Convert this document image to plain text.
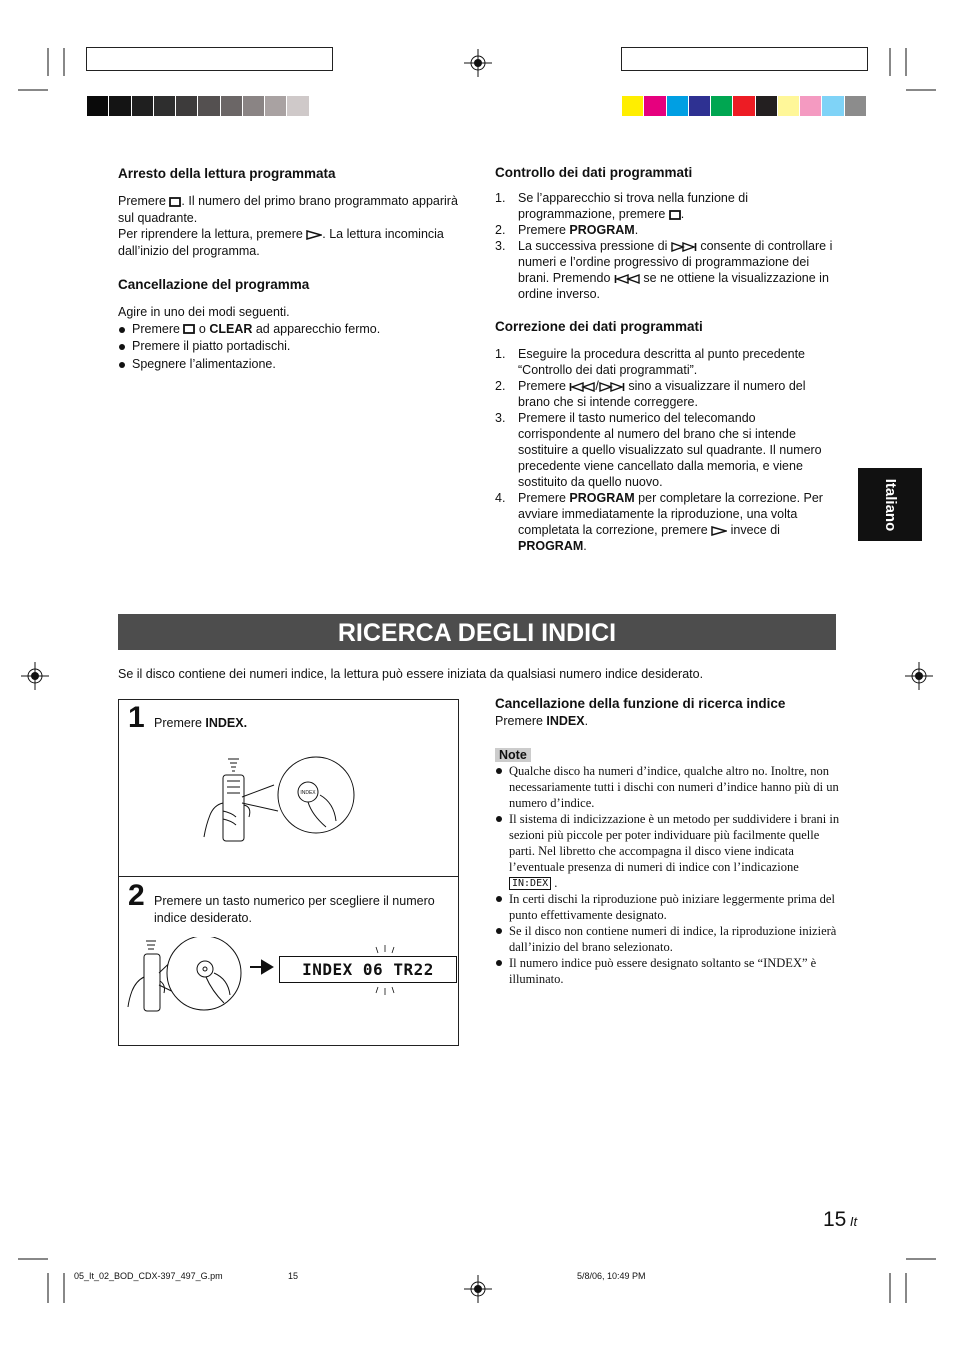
Arresto della lettura programmata
Premere . Il numero del primo brano programmato apparirà sul quadrante.
Per riprendere la lettura, premere . La lettura incomincia dall’inizio del programma.
Cancellazione del programma
Agire in uno dei modi seguenti.
Premere  o CLEAR ad apparecchio fermo.
Premere il piatto portadischi.
Spegnere l’alimentazione.
Controllo dei dati programmati
1. Se l’apparecchio si trova nella funzione di programmazione, premere .
2. Premere PROGRAM.
3. La successiva pressione di  consente di controllare i numeri e l’ordine progressivo di programmazione dei brani. Premendo  se ne ottiene la visualizzazione in ordine inverso.
Correzione dei dati programmati
1. Eseguire la procedura descritta al punto precedente “Controllo dei dati programmati”.
2. Premere / sino a visualizzare il numero del brano che si intende correggere.
3. Premere il tasto numerico del telecomando corrispondente al numero del brano che si intende sostituire a quello visualizzato sul quadrante. Il numero precedente viene cancellato dalla memoria, e viene sostituito da quello nuovo.
4. Premere PROGRAM per completare la correzione. Per avviare immediatamente la riproduzione, una volta completata la correzione, premere  invece di
PROGRAM.
Italiano
RICERCA DEGLI INDICI
Se il disco contiene dei numeri indice, la lettura può essere iniziata da qualsiasi numero indice desiderato.
1 Premere INDEX.
INDEX
2 Premere un tasto numerico per scegliere il numero indice desiderato.
INDEX 06 TR22
Cancellazione della funzione di ricerca indice
Premere INDEX.
Note
Qualche disco ha numeri d’indice, qualche altro no. Inoltre, non necessariamente tutti i dischi con numeri d’indice hanno più di un numero d’indice.
Il sistema di indicizzazione è un metodo per suddividere i brani in sezioni più piccole per poter individuare più facilmente quelle parti. Nel libretto che accompagna il disco viene indicata l’eventuale presenza di numeri di indice con l’indicazione IN:DEX .
In certi dischi la riproduzione può iniziare leggermente prima del punto effettivamente designato.
Se il disco non contiene numeri di indice, la riproduzione inizierà dall’inizio del brano selezionato.
Il numero indice può essere designato soltanto se “INDEX” è illuminato.
15 It
05_It_02_BOD_CDX-397_497_G.pm	15	5/8/06, 10:49 PM
